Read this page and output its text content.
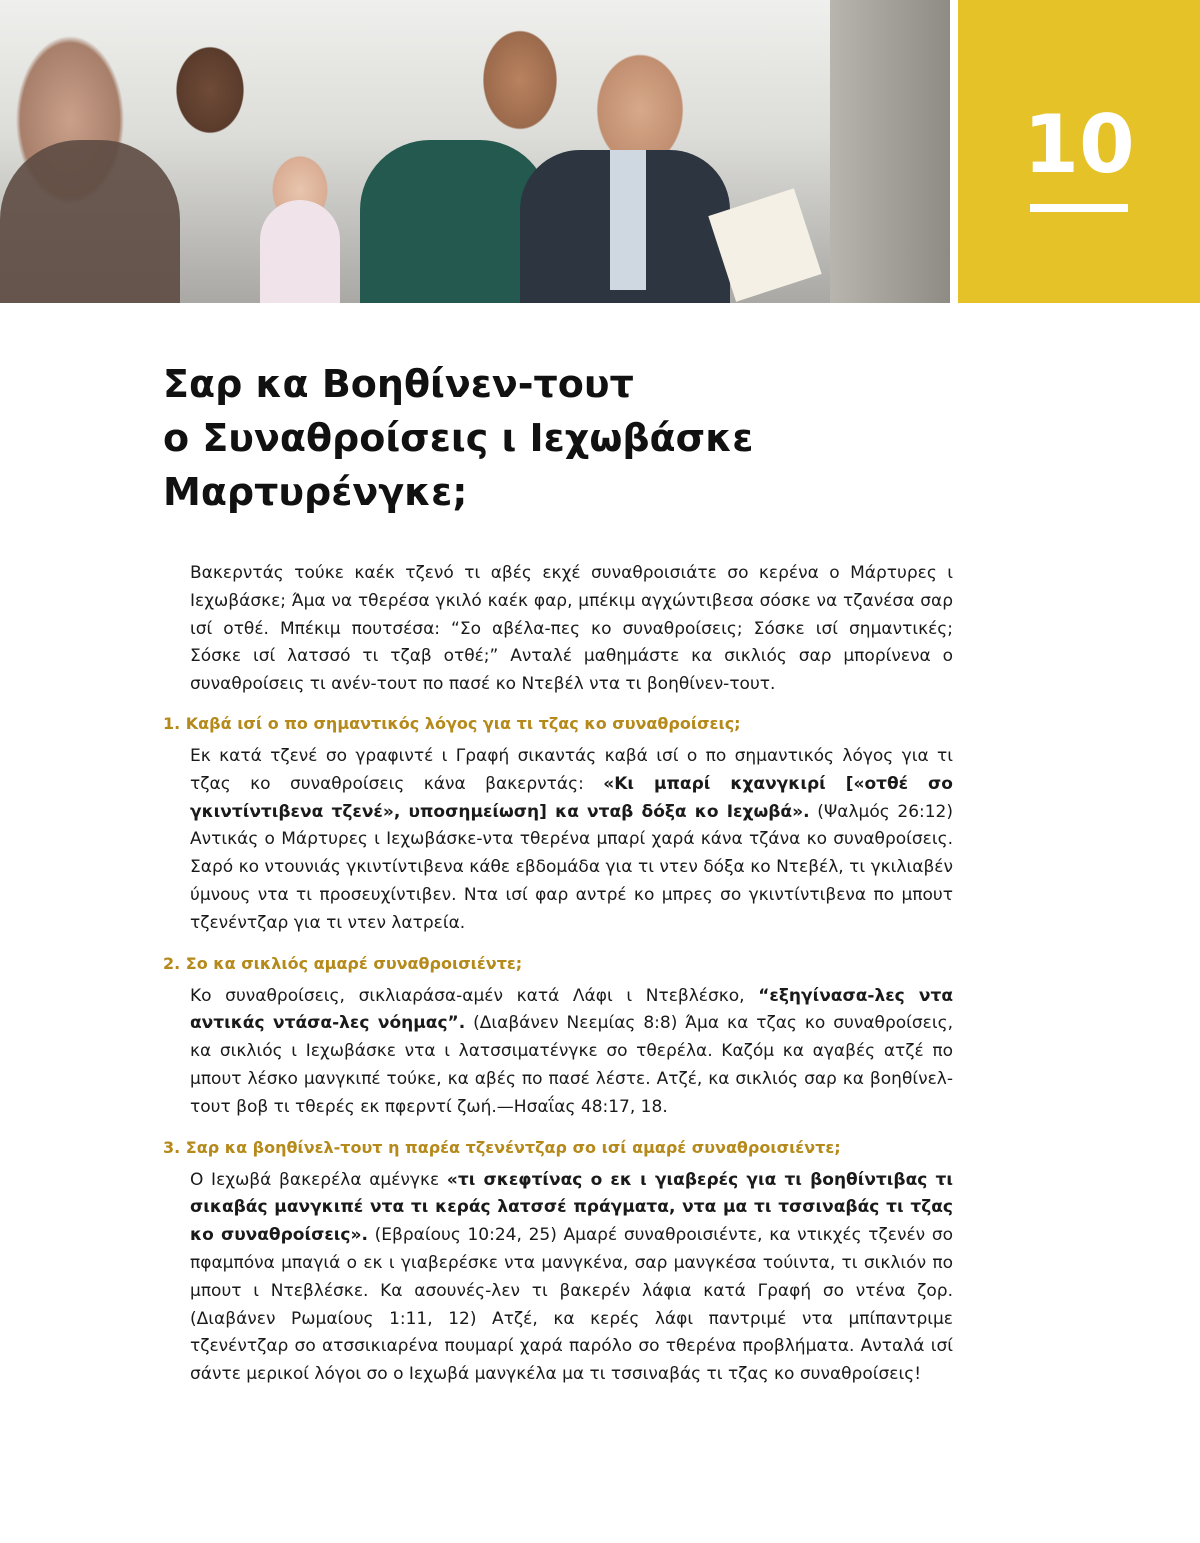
10
Σαρ κα Βοηθίνεν-τουτ
ο Συναθροίσεις ι Ιεχωβάσκε
Μαρτυρένγκε;

Βακερντάς τούκε καέκ τζενό τι αβές εκχέ συναθροισιάτε σο κερένα ο Μάρτυρες ι Ιεχωβάσκε; Άμα να τθερέσα γκιλό καέκ φαρ, μπέκιμ αγχώντιβεσα σόσκε να τζανέσα σαρ ισί οτθέ. Μπέκιμ πουτσέσα: “Σο αβέλα-πες κο συναθροίσεις; Σόσκε ισί σημαντικές; Σόσκε ισί λατσσό τι τζαβ οτθέ;” Ανταλέ μαθημάστε κα σικλιός σαρ μπορίνενα ο συναθροίσεις τι ανέν-τουτ πο πασέ κο Ντεβέλ ντα τι βοηθίνεν-τουτ.

1. Καβά ισί ο πο σημαντικός λόγος για τι τζας κο συναθροίσεις;

Εκ κατά τζενέ σο γραφιντέ ι Γραφή σικαντάς καβά ισί ο πο σημαντικός λόγος για τι τζας κο συναθροίσεις κάνα βακερντάς: «Κι μπαρί κχανγκιρί [«οτθέ σο γκιντίντιβενα τζενέ», υποσημείωση] κα νταβ δόξα κο Ιεχωβά». (Ψαλμός 26:12) Αντικάς ο Μάρτυρες ι Ιεχωβάσκε-ντα τθερένα μπαρί χαρά κάνα τζάνα κο συναθροίσεις. Σαρό κο ντουνιάς γκιντίντιβενα κάθε εβδομάδα για τι ντεν δόξα κο Ντεβέλ, τι γκιλιαβέν ύμνους ντα τι προσευχίντιβεν. Ντα ισί φαρ αντρέ κο μπρες σο γκιντίντιβενα πο μπουτ τζενέντζαρ για τι ντεν λατρεία.

2. Σο κα σικλιός αμαρέ συναθροισιέντε;

Κο συναθροίσεις, σικλιαράσα-αμέν κατά Λάφι ι Ντεβλέσκο, “εξηγίνασα-λες ντα αντικάς ντάσα-λες νόημας”. (Διαβάνεν Νεεμίας 8:8) Άμα κα τζας κο συναθροίσεις, κα σικλιός ι Ιεχωβάσκε ντα ι λατσσιματένγκε σο τθερέλα. Καζόμ κα αγαβές ατζέ πο μπουτ λέσκο μανγκιπέ τούκε, κα αβές πο πασέ λέστε. Ατζέ, κα σικλιός σαρ κα βοηθίνελ-τουτ βοβ τι τθερές εκ πφερντί ζωή.—Ησαΐας 48:17, 18.

3. Σαρ κα βοηθίνελ-τουτ η παρέα τζενέντζαρ σο ισί αμαρέ συναθροισιέντε;

Ο Ιεχωβά βακερέλα αμένγκε «τι σκεφτίνας ο εκ ι γιαβερές για τι βοηθίντιβας τι σικαβάς μανγκιπέ ντα τι κεράς λατσσέ πράγματα, ντα μα τι τσσιναβάς τι τζας κο συναθροίσεις». (Εβραίους 10:24, 25) Αμαρέ συναθροισιέντε, κα ντικχές τζενέν σο πφαμπόνα μπαγιά ο εκ ι γιαβερέσκε ντα μανγκένα, σαρ μανγκέσα τούιντα, τι σικλιόν πο μπουτ ι Ντεβλέσκε. Κα ασουνές-λεν τι βακερέν λάφια κατά Γραφή σο ντένα ζορ. (Διαβάνεν Ρωμαίους 1:11, 12) Ατζέ, κα κερές λάφι παντριμέ ντα μπίπαντριμε τζενέντζαρ σο ατσσικιαρένα πουμαρί χαρά παρόλο σο τθερένα προβλήματα. Ανταλά ισί σάντε μερικοί λόγοι σο ο Ιεχωβά μανγκέλα μα τι τσσιναβάς τι τζας κο συναθροίσεις!
